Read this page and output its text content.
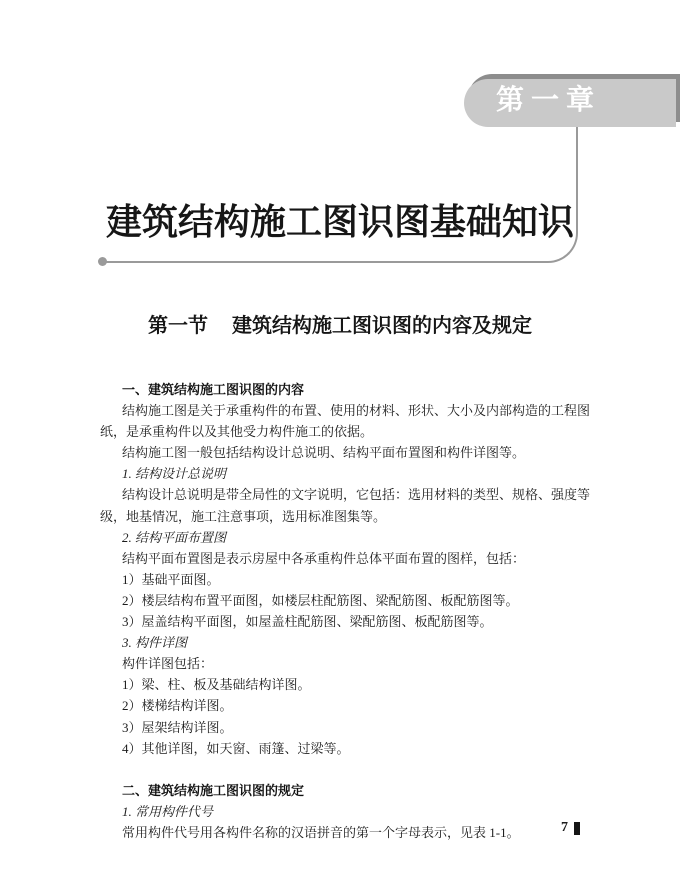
第一章
建筑结构施工图识图基础知识
第一节 建筑结构施工图识图的内容及规定
一、建筑结构施工图识图的内容
结构施工图是关于承重构件的布置、使用的材料、形状、大小及内部构造的工程图
纸，是承重构件以及其他受力构件施工的依据。
结构施工图一般包括结构设计总说明、结构平面布置图和构件详图等。
1. 结构设计总说明
结构设计总说明是带全局性的文字说明，它包括：选用材料的类型、规格、强度等
级，地基情况，施工注意事项，选用标准图集等。
2. 结构平面布置图
结构平面布置图是表示房屋中各承重构件总体平面布置的图样，包括：
1）基础平面图。
2）楼层结构布置平面图，如楼层柱配筋图、梁配筋图、板配筋图等。
3）屋盖结构平面图，如屋盖柱配筋图、梁配筋图、板配筋图等。
3. 构件详图
构件详图包括：
1）梁、柱、板及基础结构详图。
2）楼梯结构详图。
3）屋架结构详图。
4）其他详图，如天窗、雨篷、过梁等。
二、建筑结构施工图识图的规定
1. 常用构件代号
常用构件代号用各构件名称的汉语拼音的第一个字母表示，见表 1-1。	7
